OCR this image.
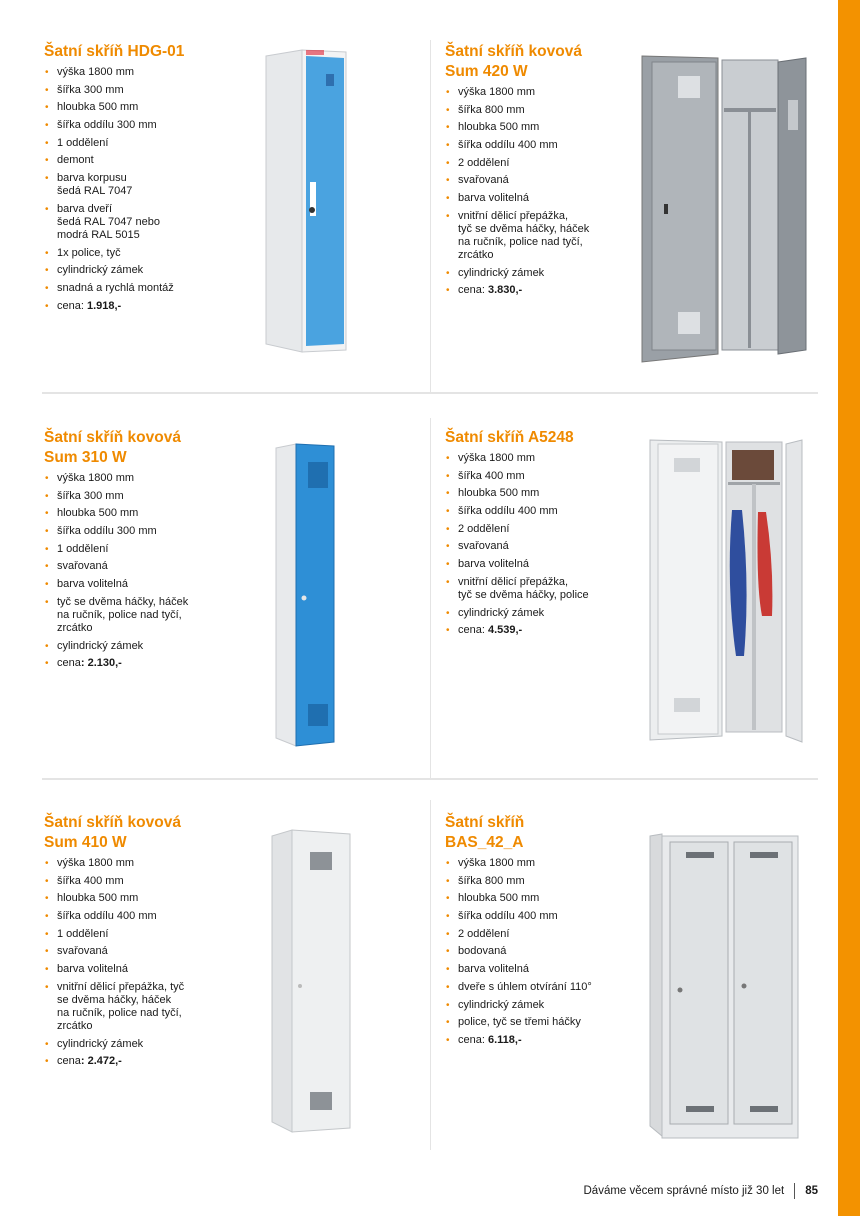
Šatní skříň HDG-01
• výška 1800 mm
• šířka 300 mm
• hloubka 500 mm
• šířka oddílu 300 mm
• 1 oddělení
• demont
• barva korpusu
šedá RAL 7047
• barva dveří
šedá RAL 7047 nebo
modrá RAL 5015
• 1x police, tyč
• cylindrický zámek
• snadná a rychlá montáž
• cena: 1.918,-
Šatní skříň kovová
Sum 420 W
• výška 1800 mm
• šířka 800 mm
• hloubka 500 mm
• šířka oddílu 400 mm
• 2 oddělení
• svařovaná
• barva volitelná
• vnitřní dělicí přepážka,
tyč se dvěma háčky, háček
na ručník, police nad tyčí,
zrcátko
• cylindrický zámek
• cena: 3.830,-
Šatní skříň kovová
Sum 310 W
• výška 1800 mm
• šířka 300 mm
• hloubka 500 mm
• šířka oddílu 300 mm
• 1 oddělení
• svařovaná
• barva volitelná
• tyč se dvěma háčky, háček
na ručník, police nad tyčí,
zrcátko
• cylindrický zámek
• cena: 2.130,-
Šatní skříň A5248
• výška 1800 mm
• šířka 400 mm
• hloubka 500 mm
• šířka oddílu 400 mm
• 2 oddělení
• svařovaná
• barva volitelná
• vnitřní dělicí přepážka,
tyč se dvěma háčky, police
• cylindrický zámek
• cena: 4.539,-
Šatní skříň kovová
Sum 410 W
• výška 1800 mm
• šířka 400 mm
• hloubka 500 mm
• šířka oddílu 400 mm
• 1 oddělení
• svařovaná
• barva volitelná
• vnitřní dělicí přepážka, tyč
se dvěma háčky, háček
na ručník, police nad tyčí,
zrcátko
• cylindrický zámek
• cena: 2.472,-
Šatní skříň
BAS_42_A
• výška 1800 mm
• šířka 800 mm
• hloubka 500 mm
• šířka oddílu 400 mm
• 2 oddělení
• bodovaná
• barva volitelná
• dveře s úhlem otvírání 110°
• cylindrický zámek
• police, tyč se třemi háčky
• cena: 6.118,-
Dáváme věcem správné místo již 30 let 85
